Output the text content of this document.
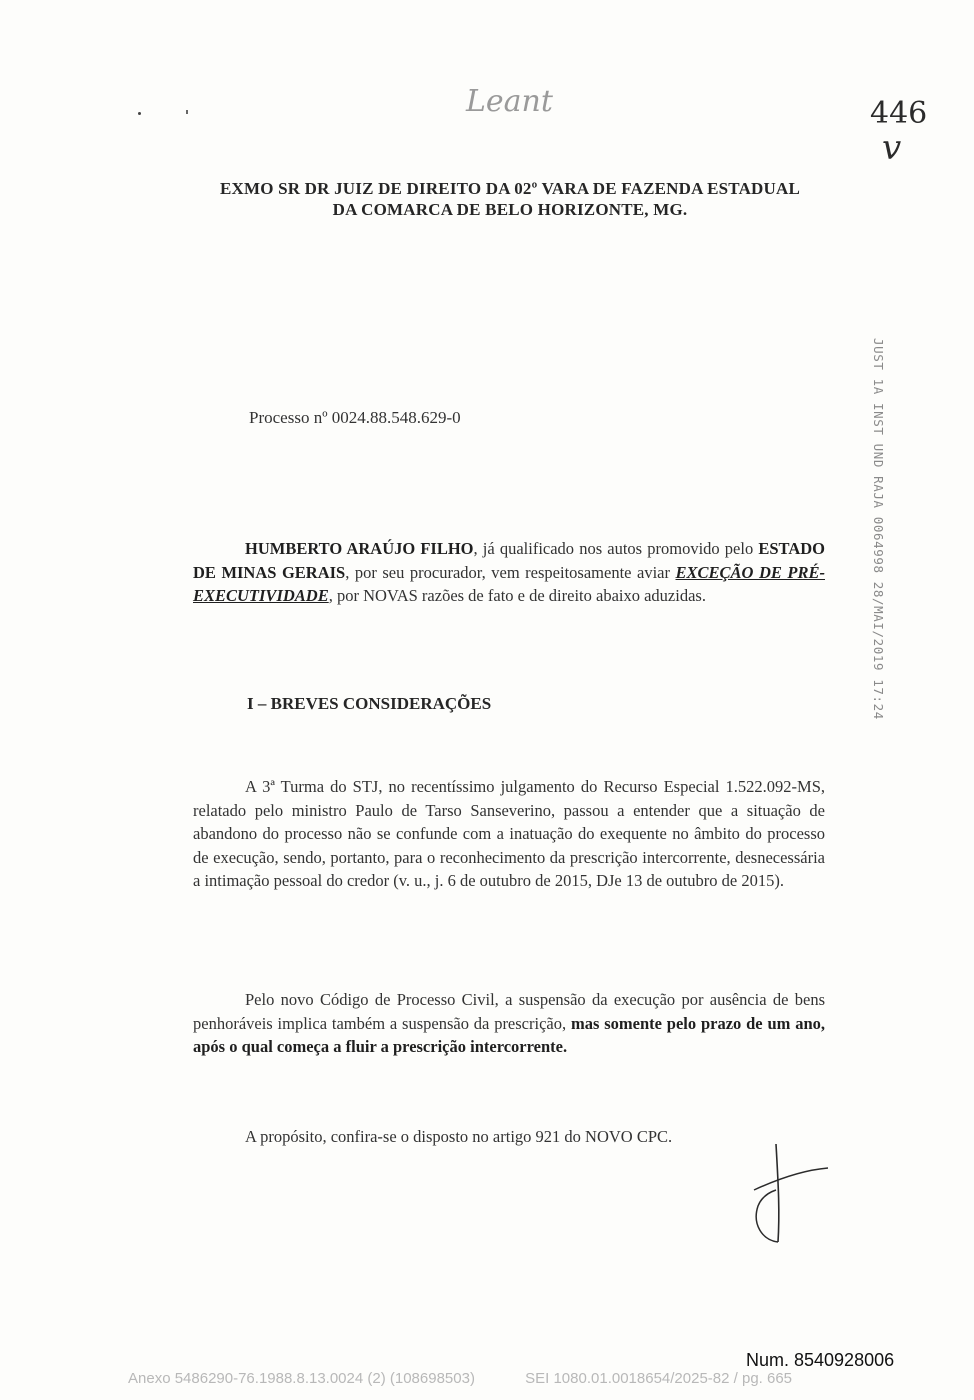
Leant	446
v
EXMO SR DR JUIZ DE DIREITO DA 02º VARA DE FAZENDA ESTADUAL
DA COMARCA DE BELO HORIZONTE, MG.
Processo nº 0024.88.548.629-0
HUMBERTO ARAÚJO FILHO, já qualificado nos autos promovido pelo ESTADO DE MINAS GERAIS, por seu procurador, vem respeitosamente aviar EXCEÇÃO DE PRÉ-EXECUTIVIDADE, por NOVAS razões de fato e de direito abaixo aduzidas.
I – BREVES CONSIDERAÇÕES
A 3ª Turma do STJ, no recentíssimo julgamento do Recurso Especial 1.522.092-MS, relatado pelo ministro Paulo de Tarso Sanseverino, passou a entender que a situação de abandono do processo não se confunde com a inatuação do exequente no âmbito do processo de execução, sendo, portanto, para o reconhecimento da prescrição intercorrente, desnecessária a intimação pessoal do credor (v. u., j. 6 de outubro de 2015, DJe 13 de outubro de 2015).
Pelo novo Código de Processo Civil, a suspensão da execução por ausência de bens penhoráveis implica também a suspensão da prescrição, mas somente pelo prazo de um ano, após o qual começa a fluir a prescrição intercorrente.
A propósito, confira-se o disposto no artigo 921 do NOVO CPC.
JUST 1A INST UND RAJA 0064998 28/MAI/2019 17:24
Num. 8540928006
Anexo 5486290-76.1988.8.13.0024 (2) (108698503)	SEI 1080.01.0018654/2025-82 / pg. 665
